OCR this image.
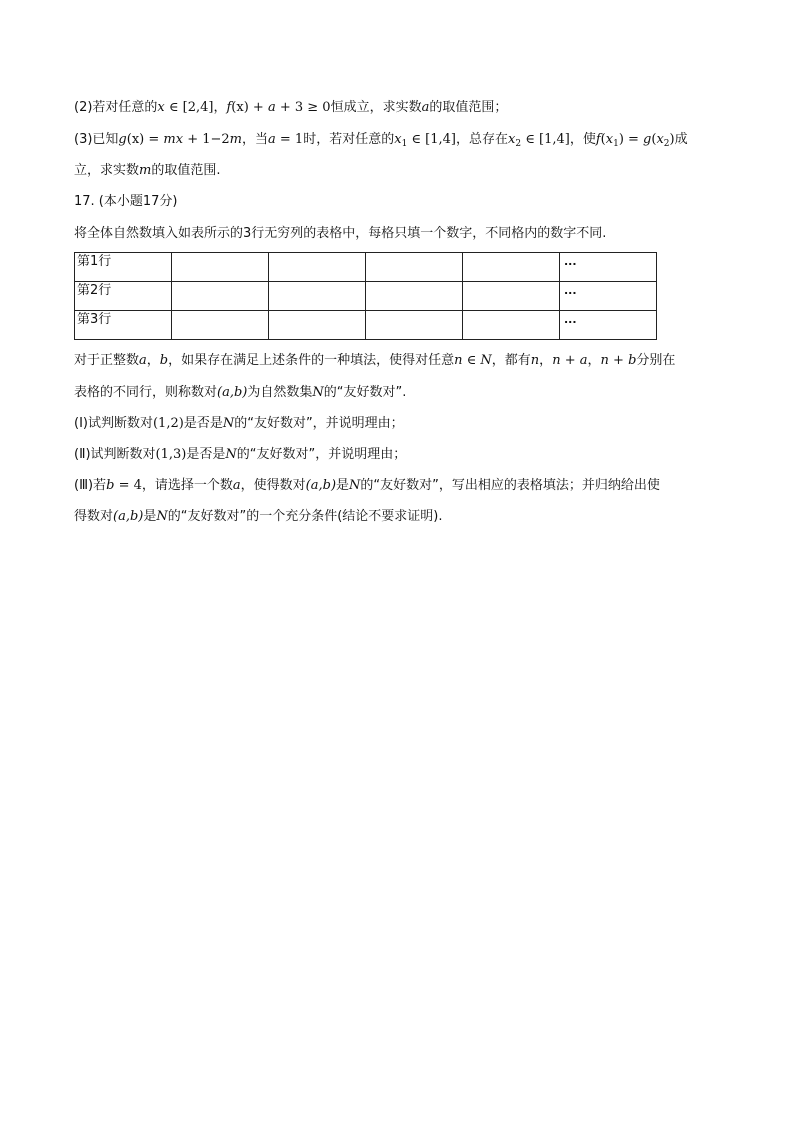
(2)若对任意的x ∈ [2,4]，f(x) + a + 3 ≥ 0恒成立，求实数a的取值范围；

(3)已知g(x) = mx + 1−2m，当a = 1时，若对任意的$x_1$ ∈ [1,4]，总存在$x_2$ ∈ [1,4]，使$f(x_1) = g(x_2)$成

立，求实数m的取值范围.

17. (本小题17分)

将全体自然数填入如表所示的3行无穷列的表格中，每格只填一个数字，不同格内的数字不同.

第1行					...
第2行					...
第3行					...

对于正整数a，b，如果存在满足上述条件的一种填法，使得对任意n ∈ N，都有n，n + a，n + b分别在

表格的不同行，则称数对(a,b)为自然数集N的“友好数对”.

(Ⅰ)试判断数对(1,2)是否是N的“友好数对”，并说明理由；

(Ⅱ)试判断数对(1,3)是否是N的“友好数对”，并说明理由；

(Ⅲ)若b = 4，请选择一个数a，使得数对(a,b)是N的“友好数对”，写出相应的表格填法；并归纳给出使

得数对(a,b)是N的“友好数对”的一个充分条件(结论不要求证明).
